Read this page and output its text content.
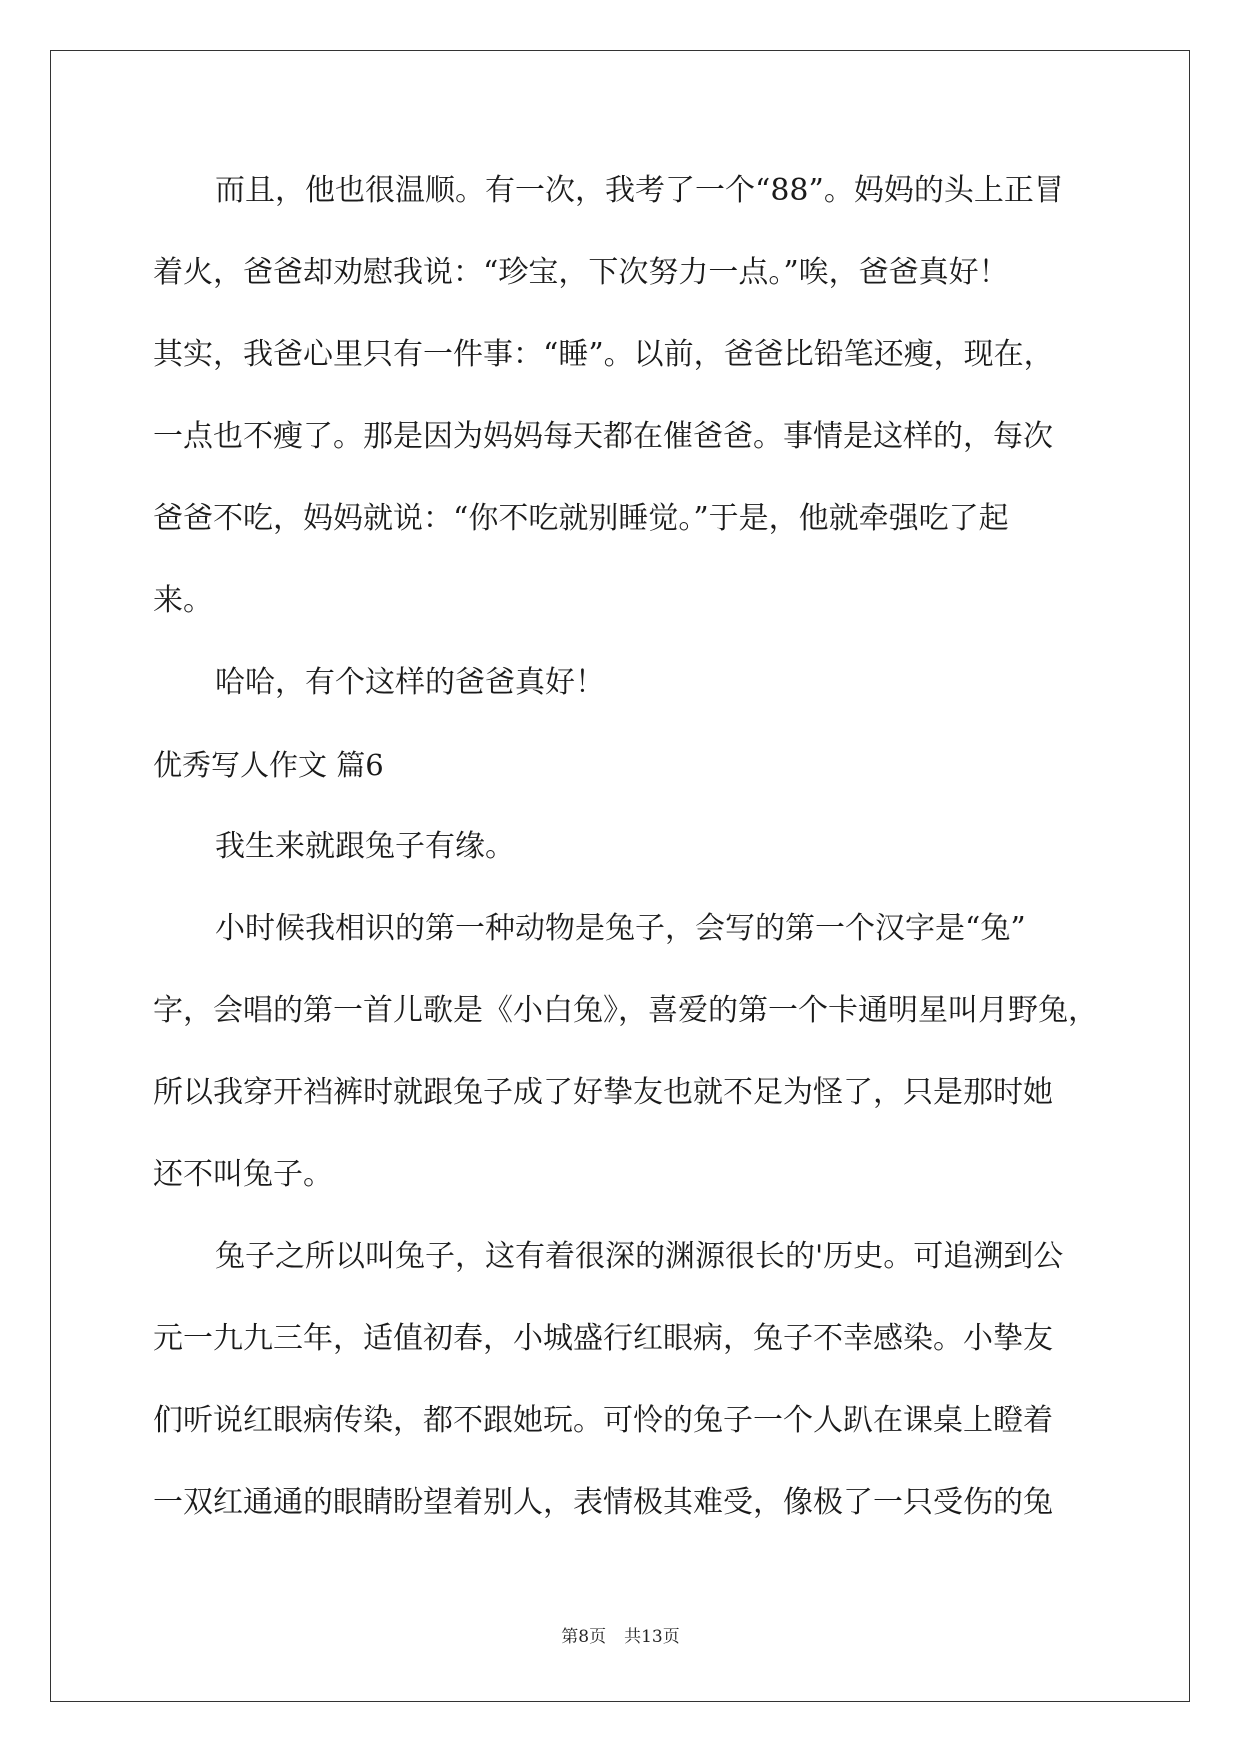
而且，他也很温顺。有一次，我考了一个“88”。妈妈的头上正冒
着火，爸爸却劝慰我说：“珍宝，下次努力一点。”唉，爸爸真好！
其实，我爸心里只有一件事：“睡”。以前，爸爸比铅笔还瘦，现在，
一点也不瘦了。那是因为妈妈每天都在催爸爸。事情是这样的，每次
爸爸不吃，妈妈就说：“你不吃就别睡觉。”于是，他就牵强吃了起
来。
哈哈，有个这样的爸爸真好！
优秀写人作文 篇6
我生来就跟兔子有缘。
小时候我相识的第一种动物是兔子，会写的第一个汉字是“兔”
字，会唱的第一首儿歌是《小白兔》，喜爱的第一个卡通明星叫月野兔，
所以我穿开裆裤时就跟兔子成了好挚友也就不足为怪了，只是那时她
还不叫兔子。
兔子之所以叫兔子，这有着很深的渊源很长的'历史。可追溯到公
元一九九三年，适值初春，小城盛行红眼病，兔子不幸感染。小挚友
们听说红眼病传染，都不跟她玩。可怜的兔子一个人趴在课桌上瞪着
一双红通通的眼睛盼望着别人，表情极其难受，像极了一只受伤的兔
第8页 共13页
